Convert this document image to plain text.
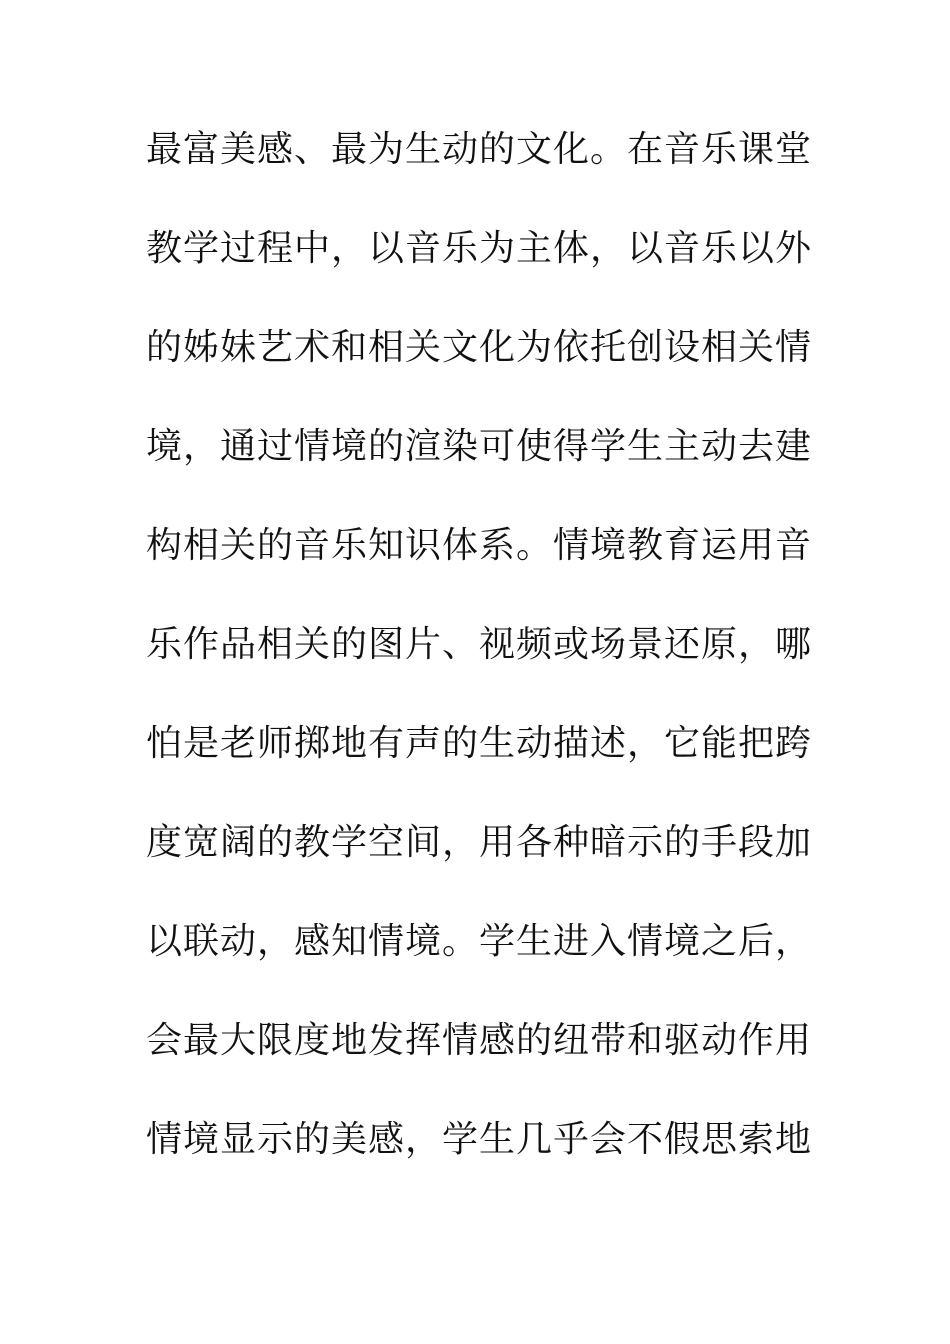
最富美感、最为生动的文化。在音乐课堂
教学过程中，以音乐为主体，以音乐以外
的姊妹艺术和相关文化为依托创设相关情
境，通过情境的渲染可使得学生主动去建
构相关的音乐知识体系。情境教育运用音
乐作品相关的图片、视频或场景还原，哪
怕是老师掷地有声的生动描述，它能把跨
度宽阔的教学空间，用各种暗示的手段加
以联动，感知情境。学生进入情境之后，
会最大限度地发挥情感的纽带和驱动作用
情境显示的美感，学生几乎会不假思索地
